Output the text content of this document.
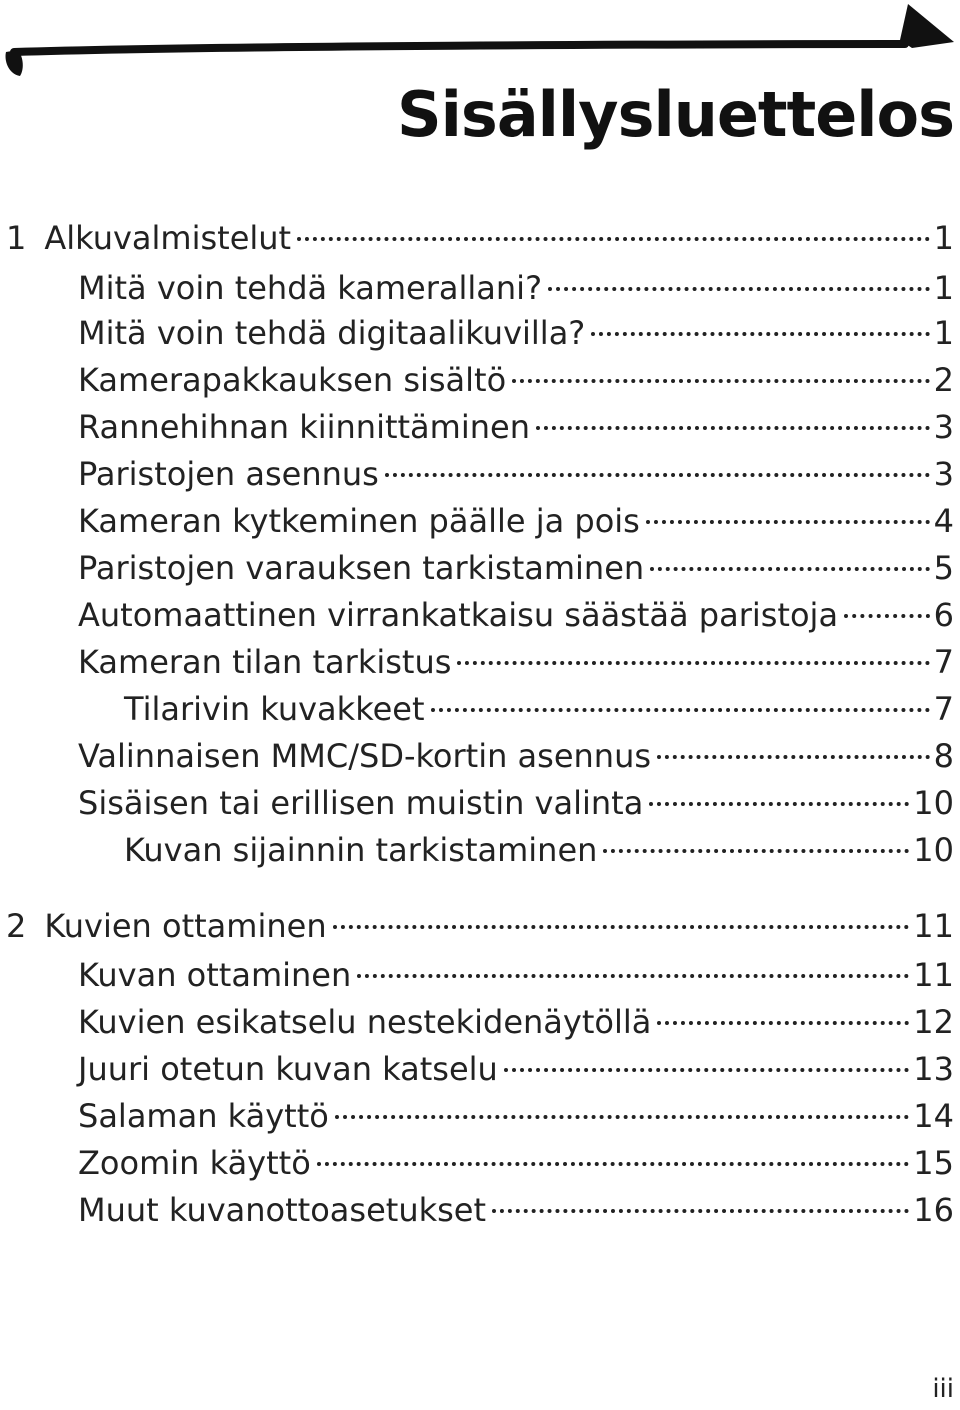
Sisällysluettelos
1 Alkuvalmistelut	1
Mitä voin tehdä kamerallani?	1
Mitä voin tehdä digitaalikuvilla?	1
Kamerapakkauksen sisältö	2
Rannehihnan kiinnittäminen	3
Paristojen asennus	3
Kameran kytkeminen päälle ja pois	4
Paristojen varauksen tarkistaminen	5
Automaattinen virrankatkaisu säästää paristoja	6
Kameran tilan tarkistus	7
Tilarivin kuvakkeet	7
Valinnaisen MMC/SD-kortin asennus	8
Sisäisen tai erillisen muistin valinta	10
Kuvan sijainnin tarkistaminen	10
2 Kuvien ottaminen	11
Kuvan ottaminen	11
Kuvien esikatselu nestekidenäytöllä	12
Juuri otetun kuvan katselu	13
Salaman käyttö	14
Zoomin käyttö	15
Muut kuvanottoasetukset	16
iii
